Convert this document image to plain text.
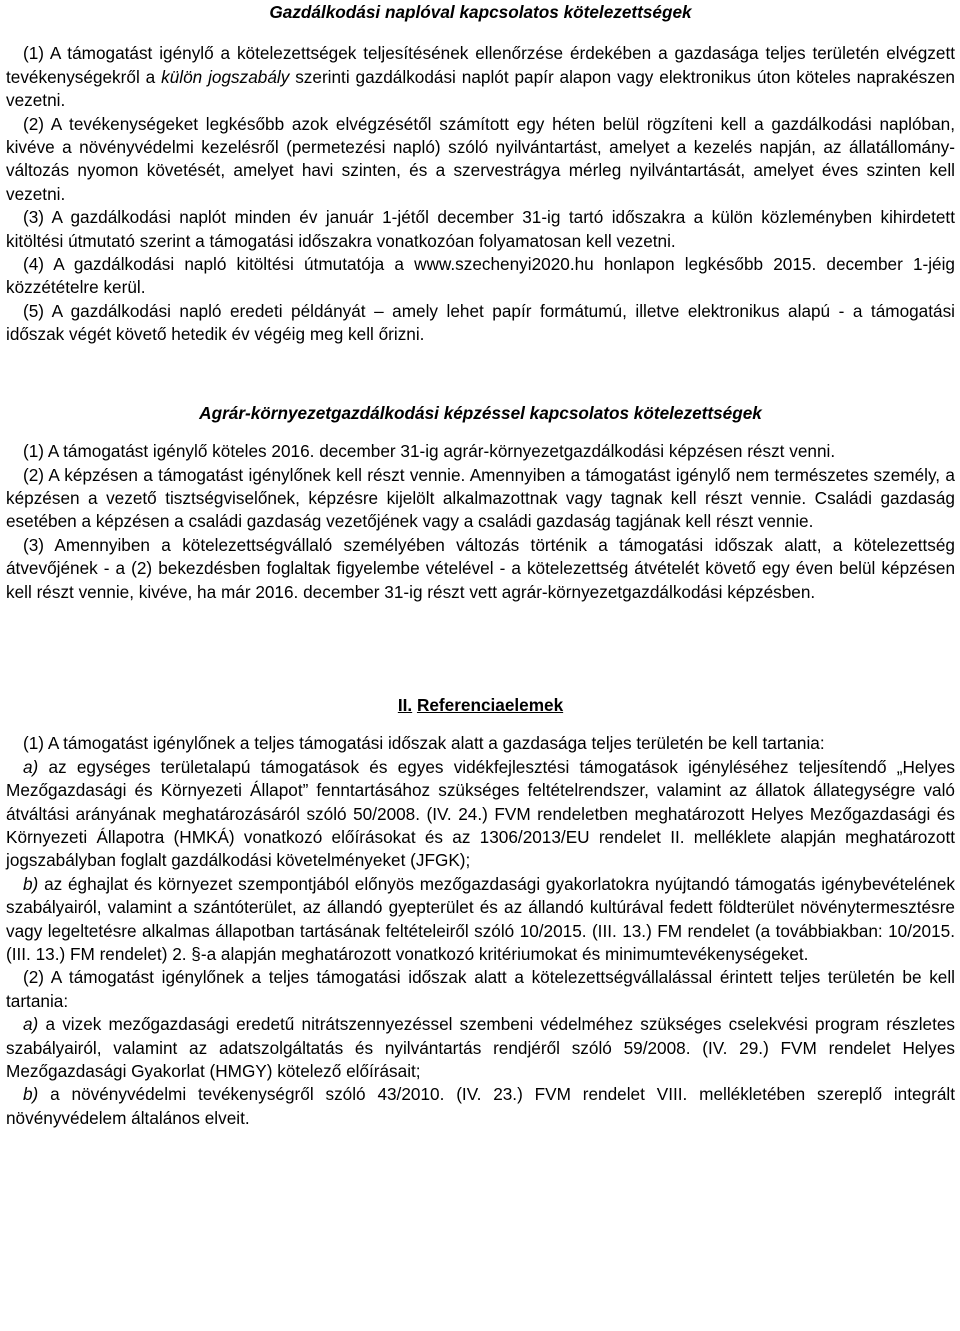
Gazdálkodási naplóval kapcsolatos kötelezettségek

(1) A támogatást igénylő a kötelezettségek teljesítésének ellenőrzése érdekében a gazdasága teljes területén elvégzett tevékenységekről a külön jogszabály szerinti gazdálkodási naplót papír alapon vagy elektronikus úton köteles naprakészen vezetni.

(2) A tevékenységeket legkésőbb azok elvégzésétől számított egy héten belül rögzíteni kell a gazdálkodási naplóban, kivéve a növényvédelmi kezelésről (permetezési napló) szóló nyilvántartást, amelyet a kezelés napján, az állatállomány-változás nyomon követését, amelyet havi szinten, és a szervestrágya mérleg nyilvántartását, amelyet éves szinten kell vezetni.

(3) A gazdálkodási naplót minden év január 1-jétől december 31-ig tartó időszakra a külön közleményben kihirdetett kitöltési útmutató szerint a támogatási időszakra vonatkozóan folyamatosan kell vezetni.

(4) A gazdálkodási napló kitöltési útmutatója a www.szechenyi2020.hu honlapon legkésőbb 2015. december 1-jéig közzétételre kerül.

(5) A gazdálkodási napló eredeti példányát – amely lehet papír formátumú, illetve elektronikus alapú - a támogatási időszak végét követő hetedik év végéig meg kell őrizni.

Agrár-környezetgazdálkodási képzéssel kapcsolatos kötelezettségek

(1) A támogatást igénylő köteles 2016. december 31-ig agrár-környezetgazdálkodási képzésen részt venni.

(2) A képzésen a támogatást igénylőnek kell részt vennie. Amennyiben a támogatást igénylő nem természetes személy, a képzésen a vezető tisztségviselőnek, képzésre kijelölt alkalmazottnak vagy tagnak kell részt vennie. Családi gazdaság esetében a képzésen a családi gazdaság vezetőjének vagy a családi gazdaság tagjának kell részt vennie.

(3) Amennyiben a kötelezettségvállaló személyében változás történik a támogatási időszak alatt, a kötelezettség átvevőjének - a (2) bekezdésben foglaltak figyelembe vételével - a kötelezettség átvételét követő egy éven belül képzésen kell részt vennie, kivéve, ha már 2016. december 31-ig részt vett agrár-környezetgazdálkodási képzésben.

II. Referenciaelemek

(1) A támogatást igénylőnek a teljes támogatási időszak alatt a gazdasága teljes területén be kell tartania:

a) az egységes területalapú támogatások és egyes vidékfejlesztési támogatások igényléséhez teljesítendő „Helyes Mezőgazdasági és Környezeti Állapot” fenntartásához szükséges feltételrendszer, valamint az állatok állategységre való átváltási arányának meghatározásáról szóló 50/2008. (IV. 24.) FVM rendeletben meghatározott Helyes Mezőgazdasági és Környezeti Állapotra (HMKÁ) vonatkozó előírásokat és az 1306/2013/EU rendelet II. melléklete alapján meghatározott jogszabályban foglalt gazdálkodási követelményeket (JFGK);

b) az éghajlat és környezet szempontjából előnyös mezőgazdasági gyakorlatokra nyújtandó támogatás igénybevételének szabályairól, valamint a szántóterület, az állandó gyepterület és az állandó kultúrával fedett földterület növénytermesztésre vagy legeltetésre alkalmas állapotban tartásának feltételeiről szóló 10/2015. (III. 13.) FM rendelet (a továbbiakban: 10/2015. (III. 13.) FM rendelet) 2. §-a alapján meghatározott vonatkozó kritériumokat és minimumtevékenységeket.

(2) A támogatást igénylőnek a teljes támogatási időszak alatt a kötelezettségvállalással érintett teljes területén be kell tartania:

a) a vizek mezőgazdasági eredetű nitrátszennyezéssel szembeni védelméhez szükséges cselekvési program részletes szabályairól, valamint az adatszolgáltatás és nyilvántartás rendjéről szóló 59/2008. (IV. 29.) FVM rendelet Helyes Mezőgazdasági Gyakorlat (HMGY) kötelező előírásait;

b) a növényvédelmi tevékenységről szóló 43/2010. (IV. 23.) FVM rendelet VIII. mellékletében szereplő integrált növényvédelem általános elveit.
